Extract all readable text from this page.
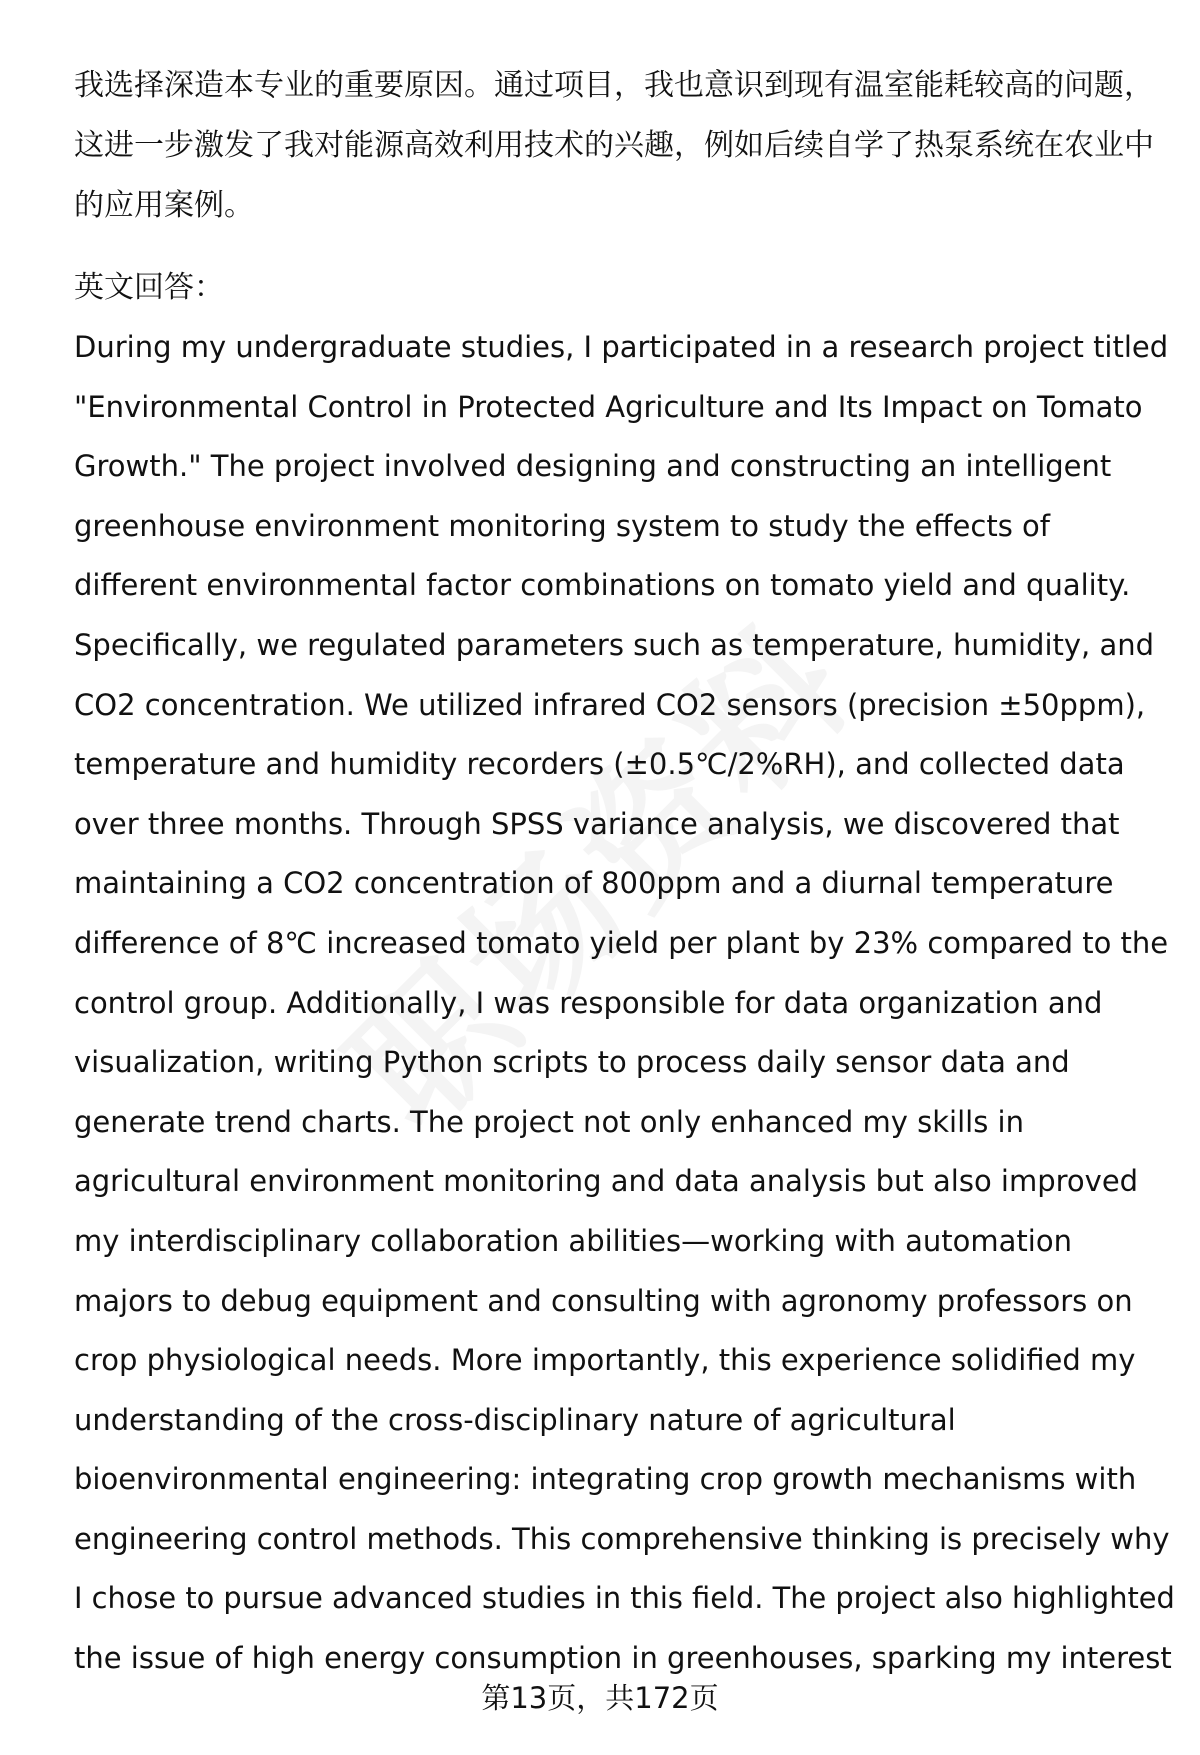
我选择深造本专业的重要原因。通过项目，我也意识到现有温室能耗较高的问题，
这进一步激发了我对能源高效利用技术的兴趣，例如后续自学了热泵系统在农业中
的应用案例。

英文回答：

During my undergraduate studies, I participated in a research project titled
"Environmental Control in Protected Agriculture and Its Impact on Tomato
Growth." The project involved designing and constructing an intelligent
greenhouse environment monitoring system to study the effects of
different environmental factor combinations on tomato yield and quality.
Specifically, we regulated parameters such as temperature, humidity, and
CO2 concentration. We utilized infrared CO2 sensors (precision ±50ppm),
temperature and humidity recorders (±0.5℃/2%RH), and collected data
over three months. Through SPSS variance analysis, we discovered that
maintaining a CO2 concentration of 800ppm and a diurnal temperature
difference of 8℃ increased tomato yield per plant by 23% compared to the
control group. Additionally, I was responsible for data organization and
visualization, writing Python scripts to process daily sensor data and
generate trend charts. The project not only enhanced my skills in
agricultural environment monitoring and data analysis but also improved
my interdisciplinary collaboration abilities—working with automation
majors to debug equipment and consulting with agronomy professors on
crop physiological needs. More importantly, this experience solidified my
understanding of the cross-disciplinary nature of agricultural
bioenvironmental engineering: integrating crop growth mechanisms with
engineering control methods. This comprehensive thinking is precisely why
I chose to pursue advanced studies in this field. The project also highlighted
the issue of high energy consumption in greenhouses, sparking my interest

第13页，共172页
